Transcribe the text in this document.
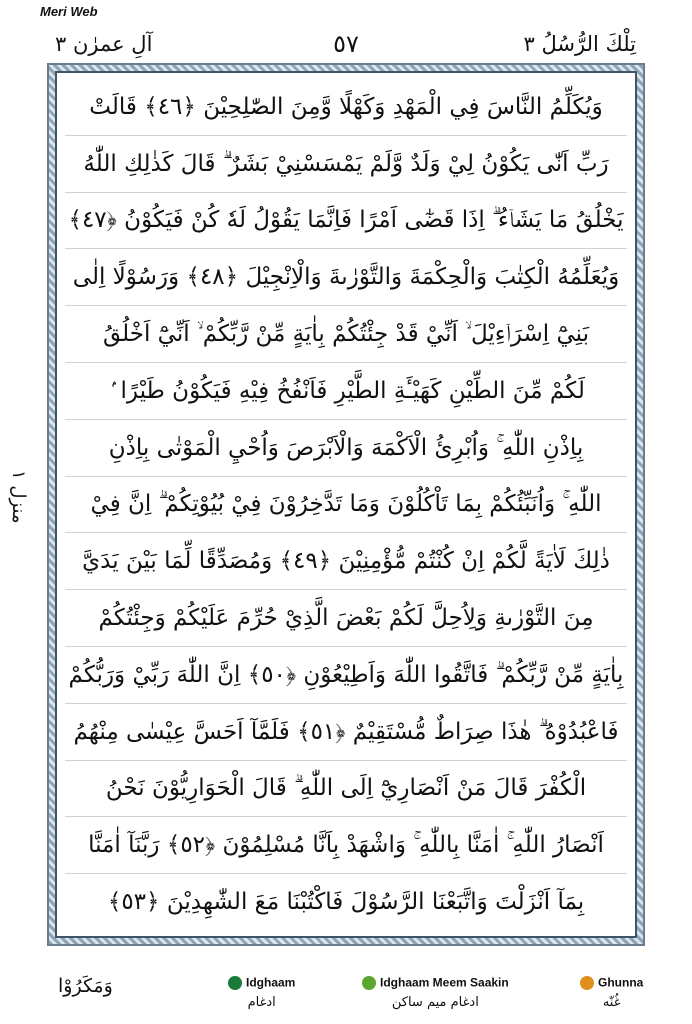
Meri Web
آلِ عمرٰن ۳	٥٧	تِلْكَ الرُّسُلُ ۳
منزل ١
وَيُكَلِّمُ النَّاسَ فِي الْمَهْدِ وَكَهْلًا وَّمِنَ الصّٰلِحِيْنَ ﴿٤٦﴾ قَالَتْ
رَبِّ اَنّٰى يَكُوْنُ لِيْ وَلَدٌ وَّلَمْ يَمْسَسْنِيْ بَشَرٌ ۗ قَالَ كَذٰلِكِ اللّٰهُ
يَخْلُقُ مَا يَشَاۤءُ ۗ اِذَا قَضٰٓى اَمْرًا فَاِنَّمَا يَقُوْلُ لَهٗ كُنْ فَيَكُوْنُ ﴿٤٧﴾
وَيُعَلِّمُهُ الْكِتٰبَ وَالْحِكْمَةَ وَالتَّوْرٰىةَ وَالْاِنْجِيْلَ ﴿٤٨﴾ وَرَسُوْلًا اِلٰى
بَنِيْٓ اِسْرَاۤءِيْلَ ۙ اَنِّيْ قَدْ جِئْتُكُمْ بِاٰيَةٍ مِّنْ رَّبِّكُمْ ۙ اَنِّيْٓ اَخْلُقُ
لَكُمْ مِّنَ الطِّيْنِ كَهَيْـَٔةِ الطَّيْرِ فَاَنْفُخُ فِيْهِ فَيَكُوْنُ طَيْرًا ۢ
بِاِذْنِ اللّٰهِ ۚ وَاُبْرِئُ الْاَكْمَهَ وَالْاَبْرَصَ وَاُحْيِ الْمَوْتٰى بِاِذْنِ
اللّٰهِ ۚ وَاُنَبِّئُكُمْ بِمَا تَاْكُلُوْنَ وَمَا تَدَّخِرُوْنَ فِيْ بُيُوْتِكُمْ ۗ اِنَّ فِيْ
ذٰلِكَ لَاٰيَةً لَّكُمْ اِنْ كُنْتُمْ مُّؤْمِنِيْنَ ﴿٤٩﴾ وَمُصَدِّقًا لِّمَا بَيْنَ يَدَيَّ
مِنَ التَّوْرٰىةِ وَلِاُحِلَّ لَكُمْ بَعْضَ الَّذِيْ حُرِّمَ عَلَيْكُمْ وَجِئْتُكُمْ
بِاٰيَةٍ مِّنْ رَّبِّكُمْ ۗ فَاتَّقُوا اللّٰهَ وَاَطِيْعُوْنِ ﴿٥٠﴾ اِنَّ اللّٰهَ رَبِّيْ وَرَبُّكُمْ
فَاعْبُدُوْهُ ۗ هٰذَا صِرَاطٌ مُّسْتَقِيْمٌ ﴿٥١﴾ فَلَمَّآ اَحَسَّ عِيْسٰى مِنْهُمُ
الْكُفْرَ قَالَ مَنْ اَنْصَارِيْٓ اِلَى اللّٰهِ ۗ قَالَ الْحَوَارِيُّوْنَ نَحْنُ
اَنْصَارُ اللّٰهِ ۚ اٰمَنَّا بِاللّٰهِ ۚ وَاشْهَدْ بِاَنَّا مُسْلِمُوْنَ ﴿٥٢﴾ رَبَّنَآ اٰمَنَّا
بِمَآ اَنْزَلْتَ وَاتَّبَعْنَا الرَّسُوْلَ فَاكْتُبْنَا مَعَ الشّٰهِدِيْنَ ﴿٥٣﴾
وَمَكَرُوْا	Idghaam
ادغام
Idghaam Meem Saakin
ادغام میم ساکن
Ghunna
غُنّه
